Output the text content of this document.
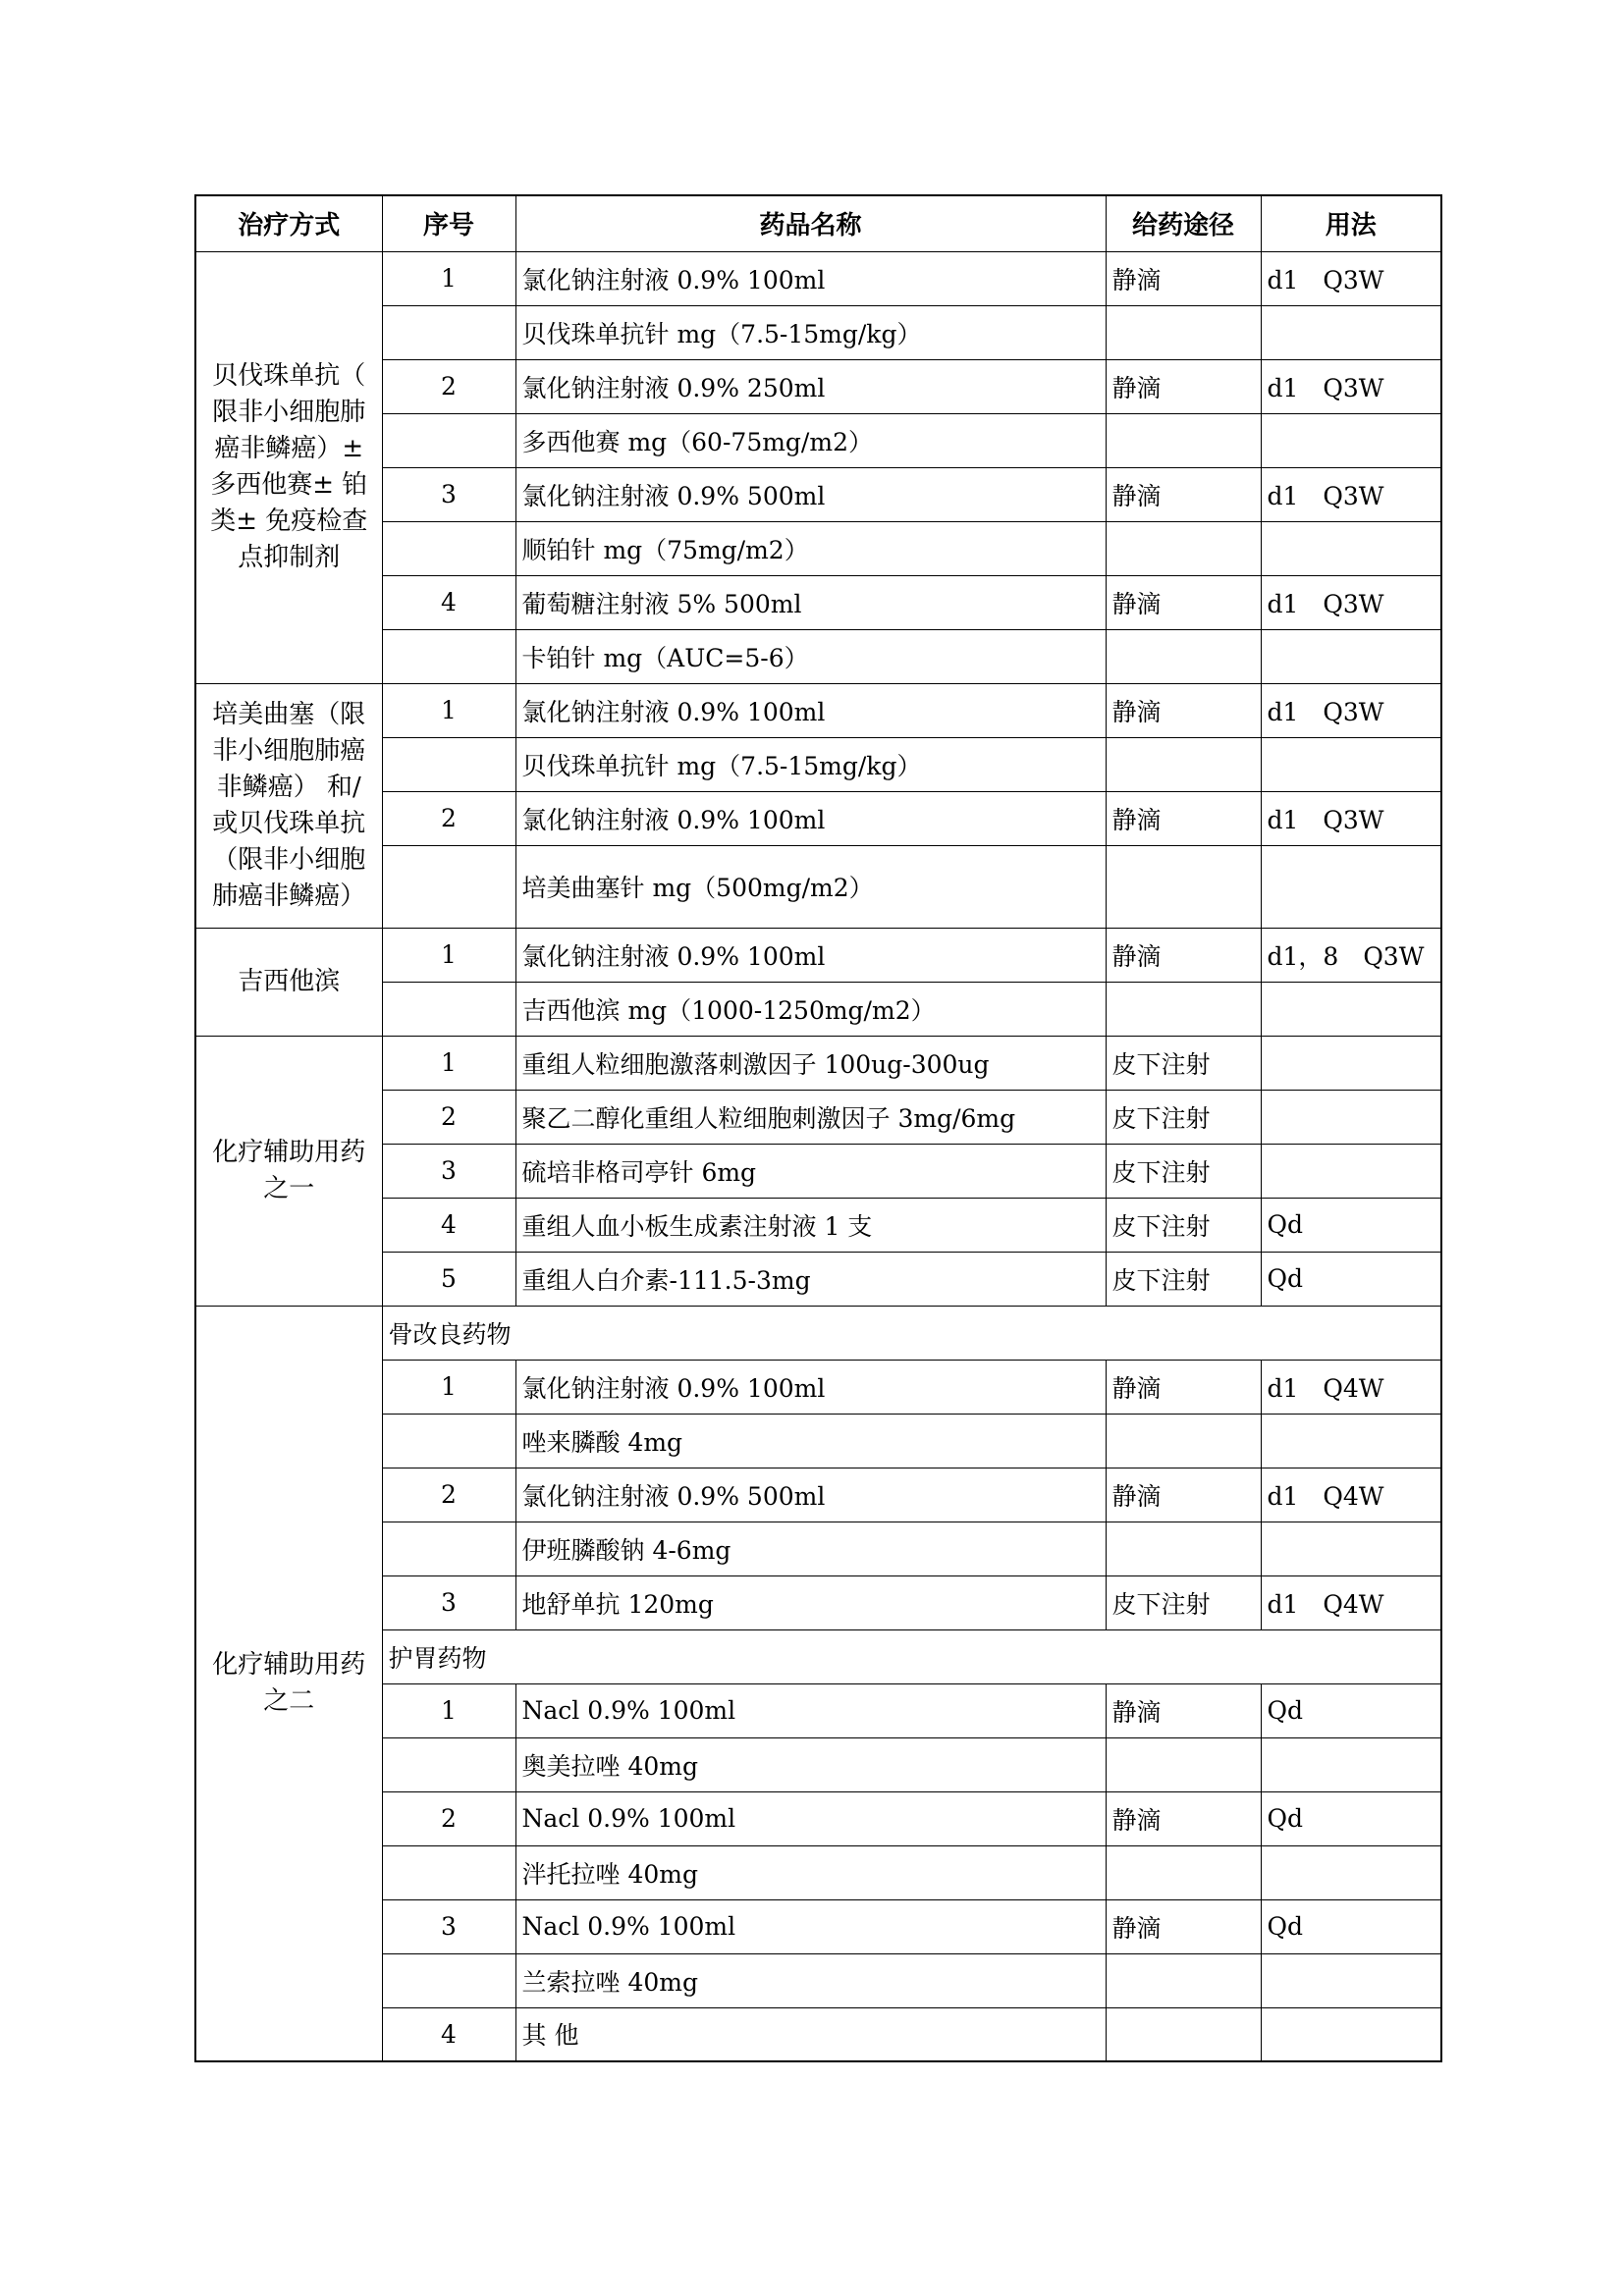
治疗方式	序号	药品名称	给药途径	用法
贝伐珠单抗（ 限非小细胞肺癌非鳞癌）± 多西他赛± 铂类± 免疫检查点抑制剂	1	氯化钠注射液 0.9% 100ml	静滴	d1　Q3W
		贝伐珠单抗针 mg（7.5-15mg/kg）		
	2	氯化钠注射液 0.9% 250ml	静滴	d1　Q3W
		多西他赛 mg（60-75mg/m2）		
	3	氯化钠注射液 0.9% 500ml	静滴	d1　Q3W
		顺铂针 mg（75mg/m2）		
	4	葡萄糖注射液 5% 500ml	静滴	d1　Q3W
		卡铂针 mg（AUC=5-6）		
培美曲塞（限非小细胞肺癌非鳞癌） 和/ 或贝伐珠单抗（限非小细胞肺癌非鳞癌）	1	氯化钠注射液 0.9% 100ml	静滴	d1　Q3W
		贝伐珠单抗针 mg（7.5-15mg/kg）		
	2	氯化钠注射液 0.9% 100ml	静滴	d1　Q3W
		培美曲塞针 mg（500mg/m2）		
吉西他滨	1	氯化钠注射液 0.9% 100ml	静滴	d1，8　Q3W
		吉西他滨 mg（1000-1250mg/m2）		
化疗辅助用药之一	1	重组人粒细胞激落刺激因子 100ug-300ug	皮下注射	
	2	聚乙二醇化重组人粒细胞刺激因子 3mg/6mg	皮下注射	
	3	硫培非格司亭针 6mg	皮下注射	
	4	重组人血小板生成素注射液 1 支	皮下注射	Qd
	5	重组人白介素-111.5-3mg	皮下注射	Qd
化疗辅助用药之二	骨改良药物			
	1	氯化钠注射液 0.9% 100ml	静滴	d1　Q4W
		唑来膦酸 4mg		
	2	氯化钠注射液 0.9% 500ml	静滴	d1　Q4W
		伊班膦酸钠 4-6mg		
	3	地舒单抗 120mg	皮下注射	d1　Q4W
	护胃药物			
	1	Nacl 0.9% 100ml	静滴	Qd
		奥美拉唑 40mg		
	2	Nacl 0.9% 100ml	静滴	Qd
		泮托拉唑 40mg		
	3	Nacl 0.9% 100ml	静滴	Qd
		兰索拉唑 40mg		
	4	其 他		
